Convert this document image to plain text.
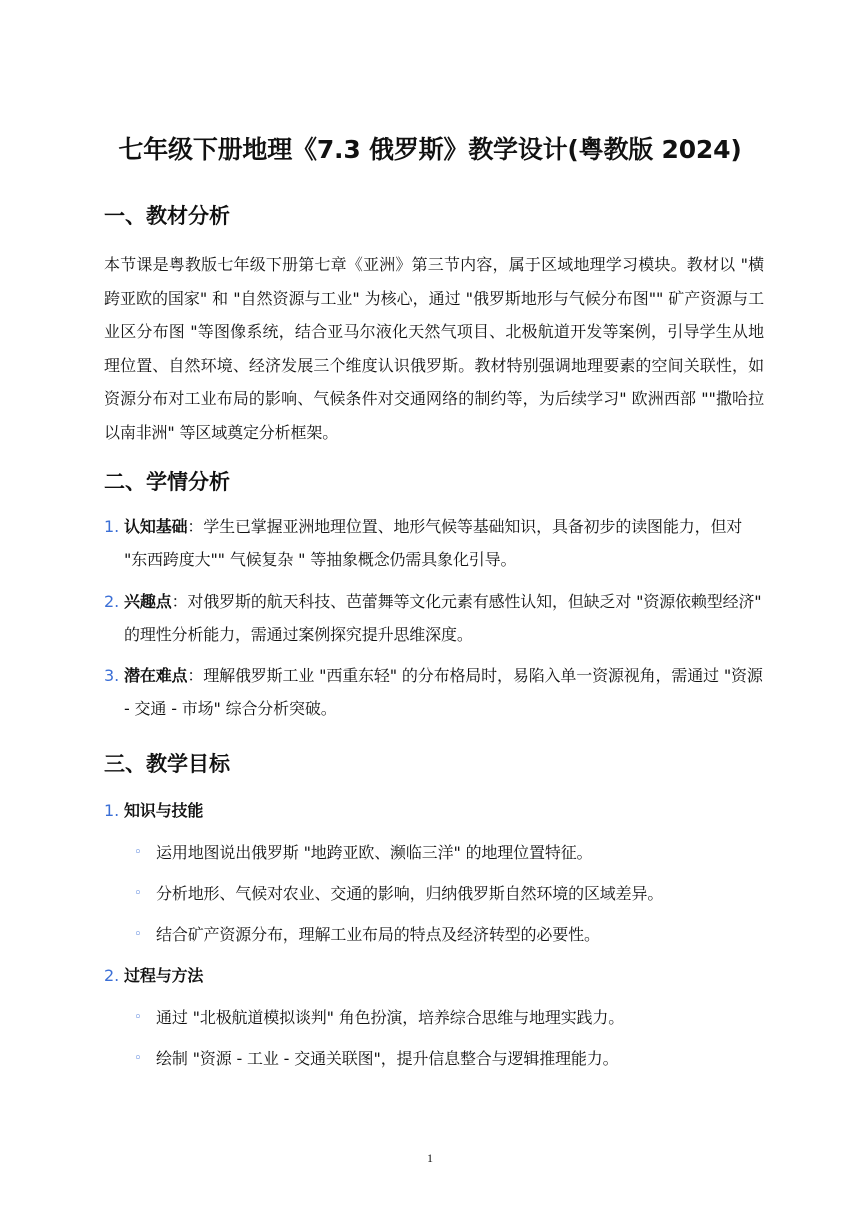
七年级下册地理《7.3 俄罗斯》教学设计(粤教版 2024)
一、教材分析
本节课是粤教版七年级下册第七章《亚洲》第三节内容，属于区域地理学习模块。教材以 "横跨亚欧的国家" 和 "自然资源与工业" 为核心，通过 "俄罗斯地形与气候分布图"" 矿产资源与工业区分布图 "等图像系统，结合亚马尔液化天然气项目、北极航道开发等案例，引导学生从地理位置、自然环境、经济发展三个维度认识俄罗斯。教材特别强调地理要素的空间关联性，如资源分布对工业布局的影响、气候条件对交通网络的制约等，为后续学习" 欧洲西部 ""撒哈拉以南非洲" 等区域奠定分析框架。
二、学情分析
1. 认知基础：学生已掌握亚洲地理位置、地形气候等基础知识，具备初步的读图能力，但对 "东西跨度大"" 气候复杂 " 等抽象概念仍需具象化引导。
2. 兴趣点：对俄罗斯的航天科技、芭蕾舞等文化元素有感性认知，但缺乏对 "资源依赖型经济" 的理性分析能力，需通过案例探究提升思维深度。
3. 潜在难点：理解俄罗斯工业 "西重东轻" 的分布格局时，易陷入单一资源视角，需通过 "资源 - 交通 - 市场" 综合分析突破。
三、教学目标
1. 知识与技能
◦ 运用地图说出俄罗斯 "地跨亚欧、濒临三洋" 的地理位置特征。
◦ 分析地形、气候对农业、交通的影响，归纳俄罗斯自然环境的区域差异。
◦ 结合矿产资源分布，理解工业布局的特点及经济转型的必要性。
2. 过程与方法
◦ 通过 "北极航道模拟谈判" 角色扮演，培养综合思维与地理实践力。
◦ 绘制 "资源 - 工业 - 交通关联图"，提升信息整合与逻辑推理能力。
1
